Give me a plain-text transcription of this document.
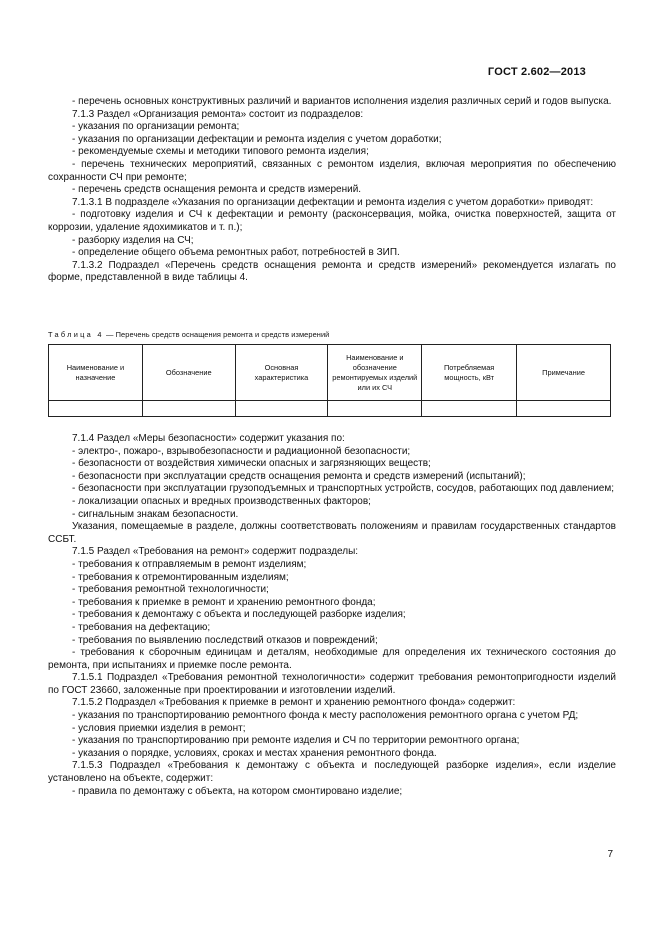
ГОСТ 2.602—2013

- перечень основных конструктивных различий и вариантов исполнения изделия различных серий и годов выпуска.

7.1.3 Раздел «Организация ремонта» состоит из подразделов:

- указания по организации ремонта;

- указания по организации дефектации и ремонта изделия с учетом доработки;

- рекомендуемые схемы и методики типового ремонта изделия;

- перечень технических мероприятий, связанных с ремонтом изделия, включая мероприятия по обеспечению сохранности СЧ при ремонте;

- перечень средств оснащения ремонта и средств измерений.

7.1.3.1 В подразделе «Указания по организации дефектации и ремонта изделия с учетом доработки» приводят:

- подготовку изделия и СЧ к дефектации и ремонту (расконсервация, мойка, очистка поверхностей, защита от коррозии, удаление ядохимикатов и т. п.);

- разборку изделия на СЧ;

- определение общего объема ремонтных работ, потребностей в ЗИП.

7.1.3.2 Подраздел «Перечень средств оснащения ремонта и средств измерений» рекомендуется излагать по форме, представленной в виде таблицы 4.

Таблица 4 — Перечень средств оснащения ремонта и средств измерений
Наименование и назначение	Обозначение	Основная характеристика	Наименование и обозначение ремонтируемых изделий или их СЧ	Потребляемая мощность, кВт	Примечание

7.1.4 Раздел «Меры безопасности» содержит указания по:

- электро-, пожаро-, взрывобезопасности и радиационной безопасности;

- безопасности от воздействия химически опасных и загрязняющих веществ;

- безопасности при эксплуатации средств оснащения ремонта и средств измерений (испытаний);

- безопасности при эксплуатации грузоподъемных и транспортных устройств, сосудов, работающих под давлением;

- локализации опасных и вредных производственных факторов;

- сигнальным знакам безопасности.

Указания, помещаемые в разделе, должны соответствовать положениям и правилам государственных стандартов ССБТ.

7.1.5 Раздел «Требования на ремонт» содержит подразделы:

- требования к отправляемым в ремонт изделиям;

- требования к отремонтированным изделиям;

- требования ремонтной технологичности;

- требования к приемке в ремонт и хранению ремонтного фонда;

- требования к демонтажу с объекта и последующей разборке изделия;

- требования на дефектацию;

- требования по выявлению последствий отказов и повреждений;

- требования к сборочным единицам и деталям, необходимые для определения их технического состояния до ремонта, при испытаниях и приемке после ремонта.

7.1.5.1 Подраздел «Требования ремонтной технологичности» содержит требования ремонтопригодности изделий по ГОСТ 23660, заложенные при проектировании и изготовлении изделий.

7.1.5.2 Подраздел «Требования к приемке в ремонт и хранению ремонтного фонда» содержит:

- указания по транспортированию ремонтного фонда к месту расположения ремонтного органа с учетом РД;

- условия приемки изделия в ремонт;

- указания по транспортированию при ремонте изделия и СЧ по территории ремонтного органа;

- указания о порядке, условиях, сроках и местах хранения ремонтного фонда.

7.1.5.3 Подраздел «Требования к демонтажу с объекта и последующей разборке изделия», если изделие установлено на объекте, содержит:

- правила по демонтажу с объекта, на котором смонтировано изделие;

7
